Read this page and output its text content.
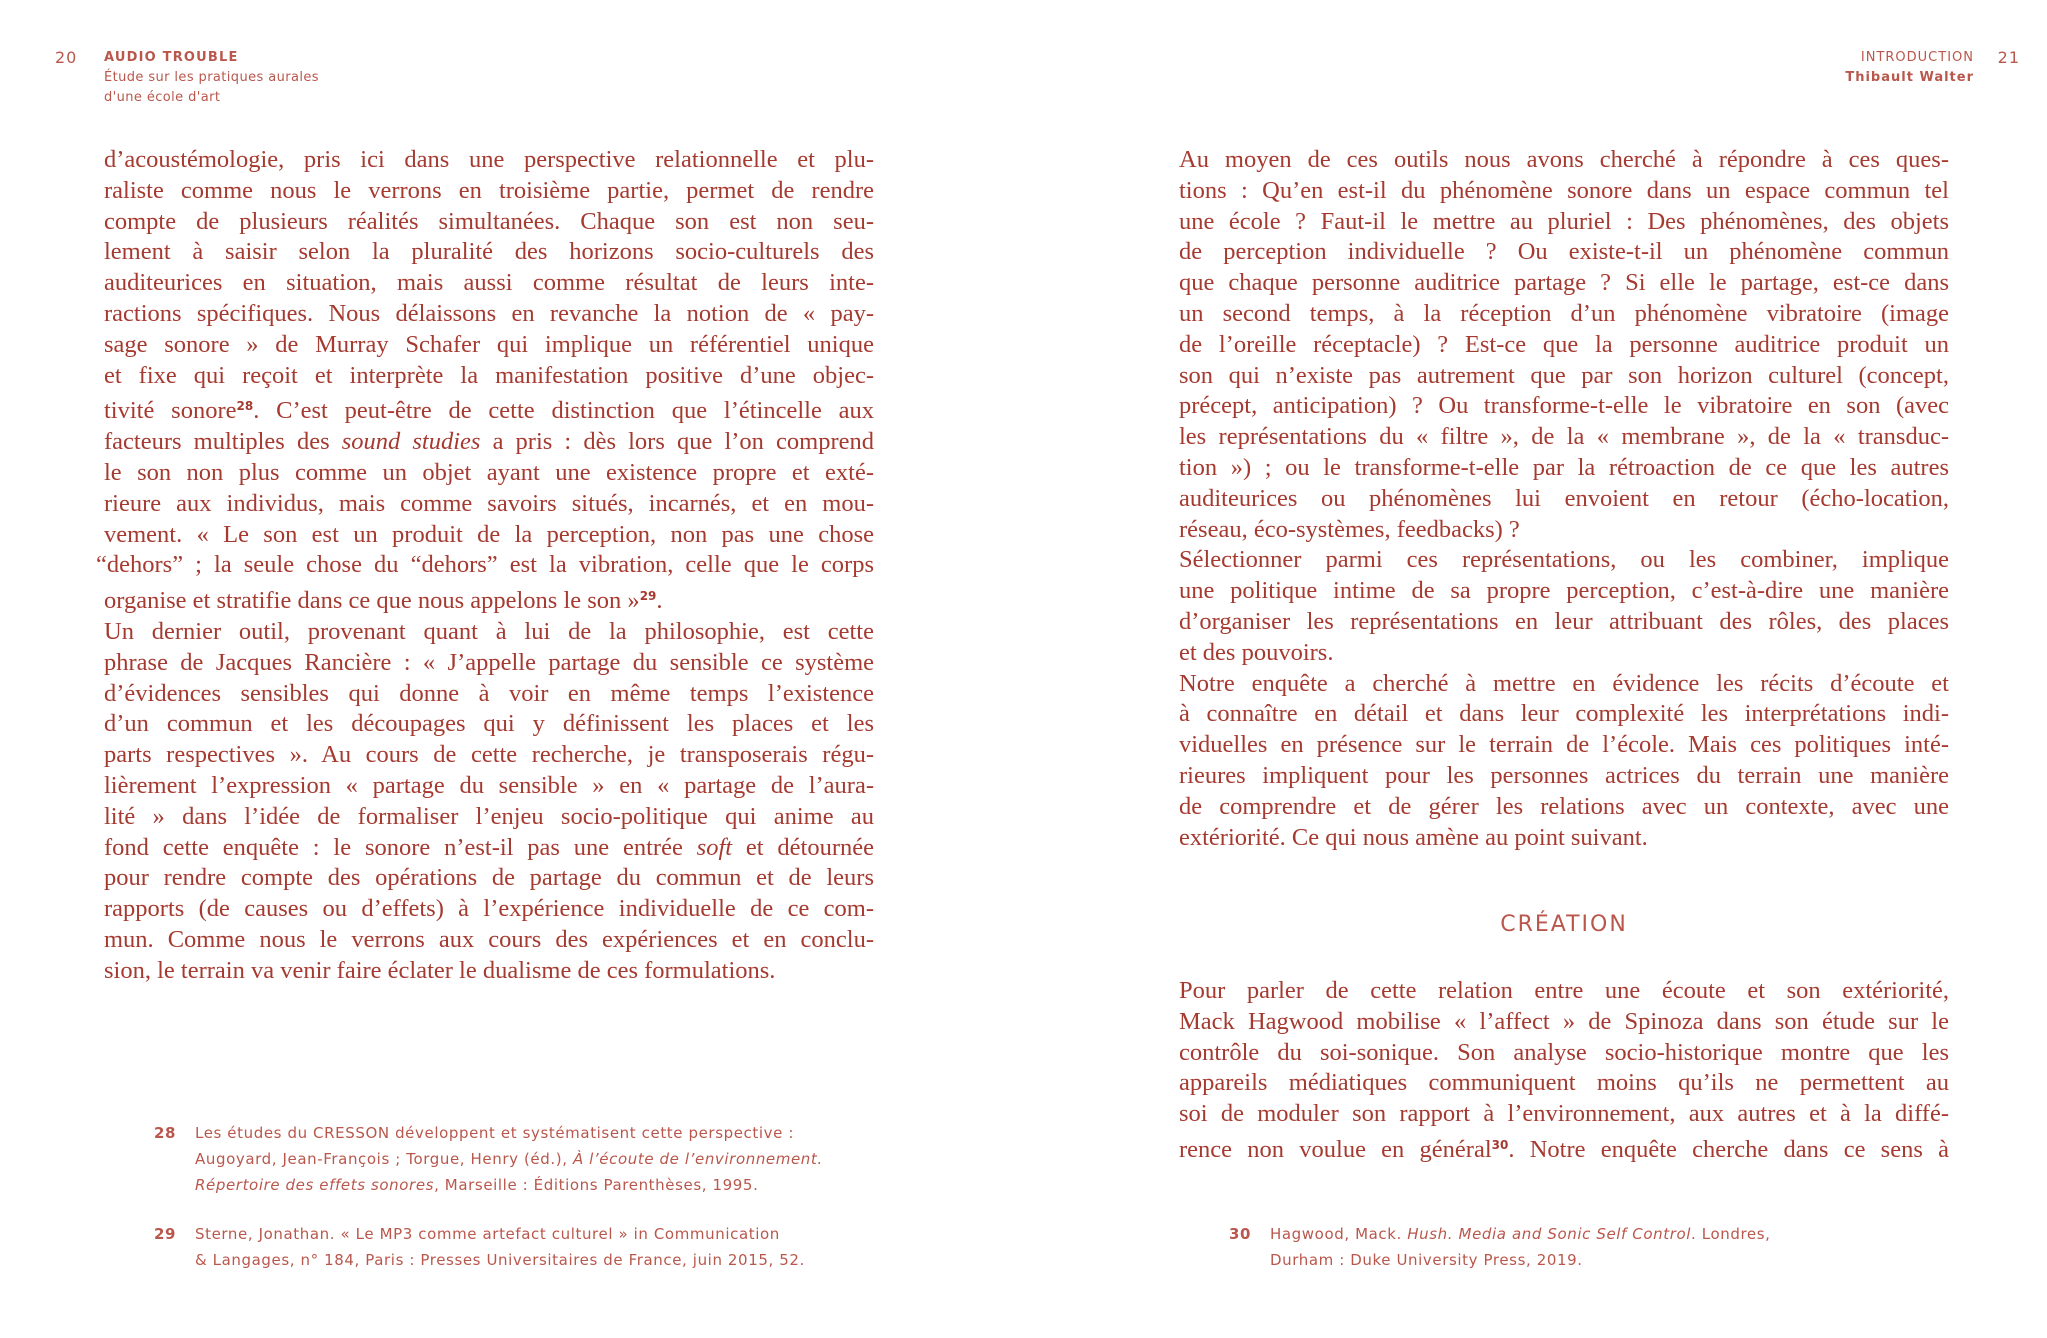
20 AUDIO TROUBLE
Étude sur les pratiques aurales
d'une école d'art
d’acoustémologie, pris ici dans une perspective relationnelle et plu-
raliste comme nous le verrons en troisième partie, permet de rendre
compte de plusieurs réalités simultanées. Chaque son est non seu-
lement à saisir selon la pluralité des horizons socio-culturels des
auditeurices en situation, mais aussi comme résultat de leurs inte-
ractions spécifiques. Nous délaissons en revanche la notion de « pay-
sage sonore » de Murray Schafer qui implique un référentiel unique
et fixe qui reçoit et interprète la manifestation positive d’une objec-
tivité sonore$^{28}$. C’est peut-être de cette distinction que l’étincelle aux
facteurs multiples des sound studies a pris : dès lors que l’on comprend
le son non plus comme un objet ayant une existence propre et exté-
rieure aux individus, mais comme savoirs situés, incarnés, et en mou-
vement. « Le son est un produit de la perception, non pas une chose
“dehors” ; la seule chose du “dehors” est la vibration, celle que le corps
organise et stratifie dans ce que nous appelons le son »$^{29}$.
Un dernier outil, provenant quant à lui de la philosophie, est cette
phrase de Jacques Rancière : « J’appelle partage du sensible ce système
d’évidences sensibles qui donne à voir en même temps l’existence
d’un commun et les découpages qui y définissent les places et les
parts respectives ». Au cours de cette recherche, je transposerais régu-
lièrement l’expression « partage du sensible » en « partage de l’aura-
lité » dans l’idée de formaliser l’enjeu socio-politique qui anime au
fond cette enquête : le sonore n’est-il pas une entrée soft et détournée
pour rendre compte des opérations de partage du commun et de leurs
rapports (de causes ou d’effets) à l’expérience individuelle de ce com-
mun. Comme nous le verrons aux cours des expériences et en conclu-
sion, le terrain va venir faire éclater le dualisme de ces formulations.
28 Les études du CRESSON développent et systématisent cette perspective :
Augoyard, Jean-François ; Torgue, Henry (éd.), À l’écoute de l’environnement.
Répertoire des effets sonores, Marseille : Éditions Parenthèses, 1995.
29 Sterne, Jonathan. « Le MP3 comme artefact culturel » in Communication
& Langages, n° 184, Paris : Presses Universitaires de France, juin 2015, 52.
INTRODUCTION
Thibault Walter
21
Au moyen de ces outils nous avons cherché à répondre à ces ques-
tions : Qu’en est-il du phénomène sonore dans un espace commun tel
une école ? Faut-il le mettre au pluriel : Des phénomènes, des objets
de perception individuelle ? Ou existe-t-il un phénomène commun
que chaque personne auditrice partage ? Si elle le partage, est-ce dans
un second temps, à la réception d’un phénomène vibratoire (image
de l’oreille réceptacle) ? Est-ce que la personne auditrice produit un
son qui n’existe pas autrement que par son horizon culturel (concept,
précept, anticipation) ? Ou transforme-t-elle le vibratoire en son (avec
les représentations du « filtre », de la « membrane », de la « transduc-
tion ») ; ou le transforme-t-elle par la rétroaction de ce que les autres
auditeurices ou phénomènes lui envoient en retour (écho-location,
réseau, éco-systèmes, feedbacks) ?
Sélectionner parmi ces représentations, ou les combiner, implique
une politique intime de sa propre perception, c’est-à-dire une manière
d’organiser les représentations en leur attribuant des rôles, des places
et des pouvoirs.
Notre enquête a cherché à mettre en évidence les récits d’écoute et
à connaître en détail et dans leur complexité les interprétations indi-
viduelles en présence sur le terrain de l’école. Mais ces politiques inté-
rieures impliquent pour les personnes actrices du terrain une manière
de comprendre et de gérer les relations avec un contexte, avec une
extériorité. Ce qui nous amène au point suivant.
CRÉATION
Pour parler de cette relation entre une écoute et son extériorité,
Mack Hagwood mobilise « l’affect » de Spinoza dans son étude sur le
contrôle du soi-sonique. Son analyse socio-historique montre que les
appareils médiatiques communiquent moins qu’ils ne permettent au
soi de moduler son rapport à l’environnement, aux autres et à la diffé-
rence non voulue en général$^{30}$. Notre enquête cherche dans ce sens à
30 Hagwood, Mack. Hush. Media and Sonic Self Control. Londres,
Durham : Duke University Press, 2019.
